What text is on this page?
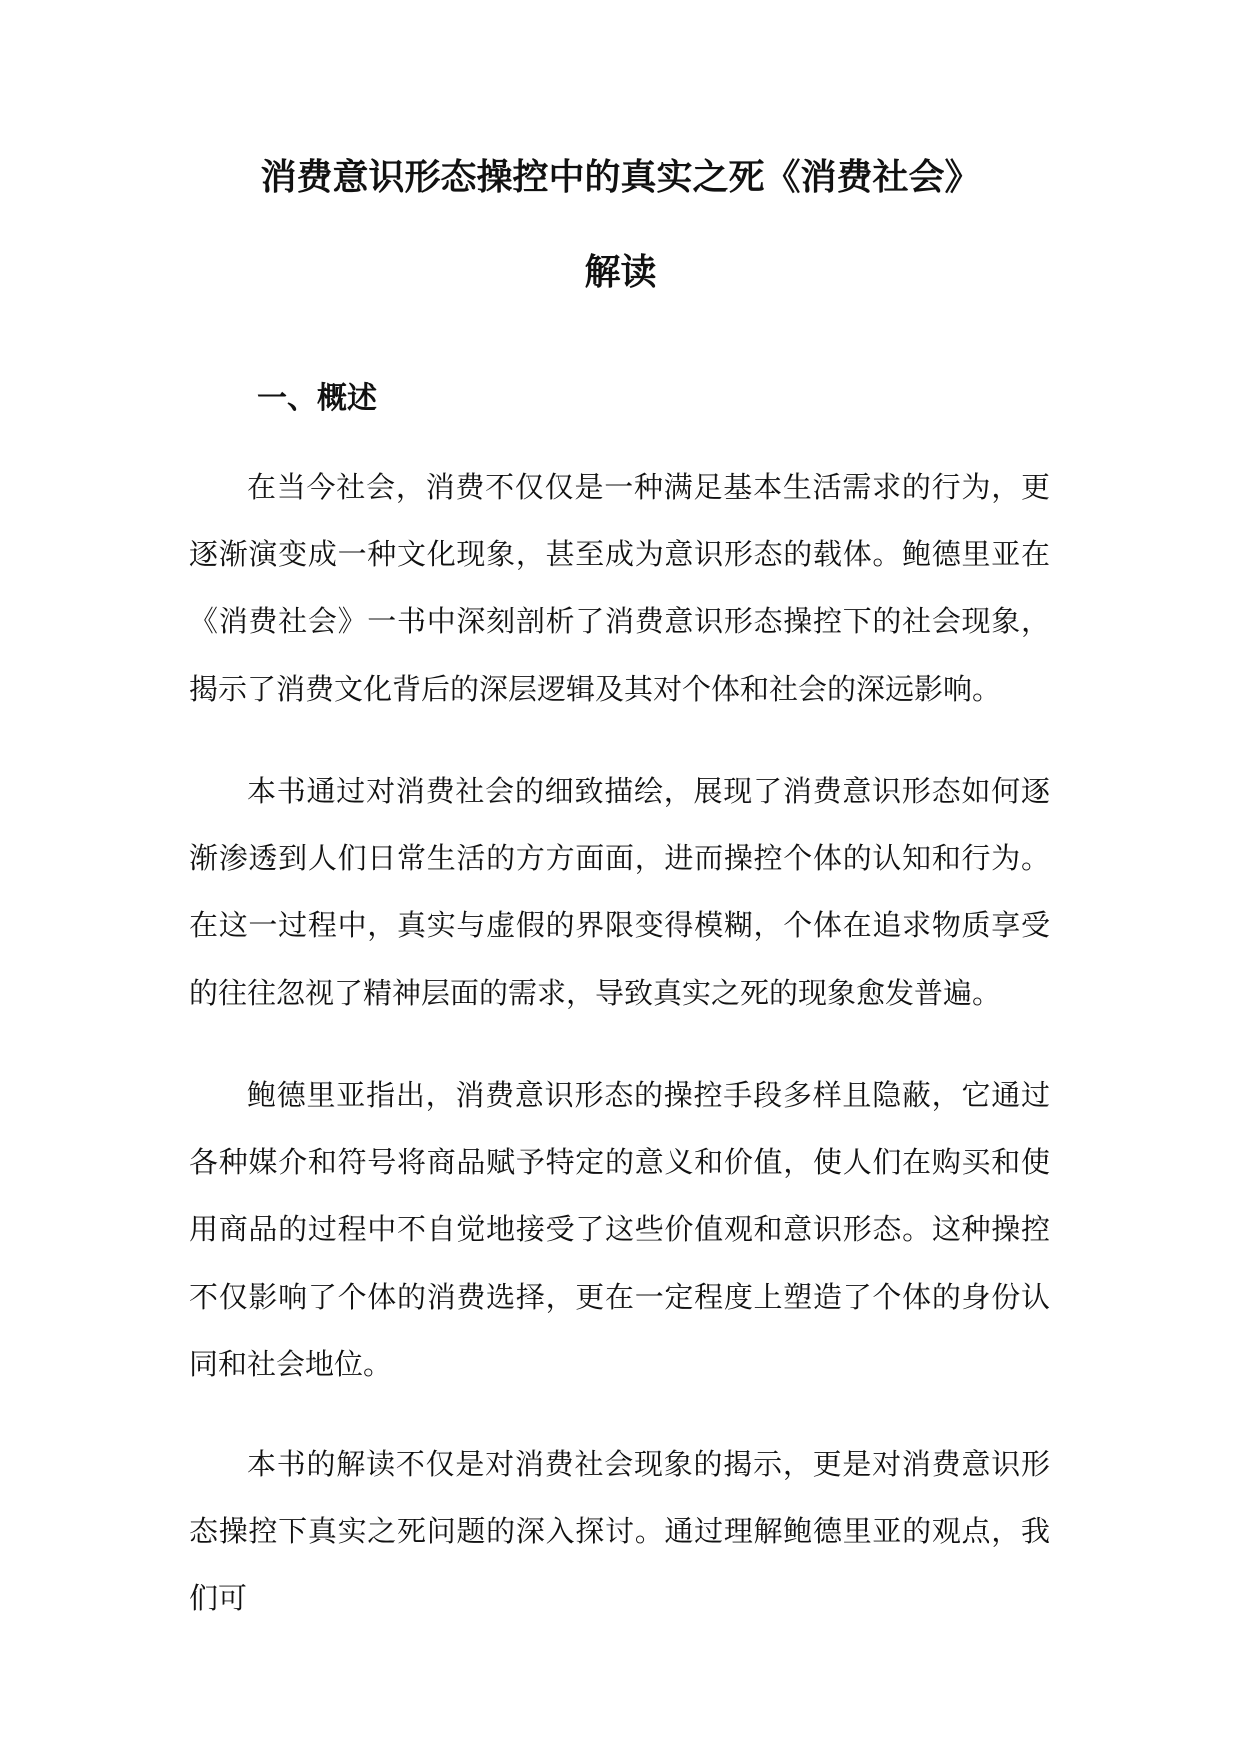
消费意识形态操控中的真实之死《消费社会》
解读
一、概述

在当今社会，消费不仅仅是一种满足基本生活需求的行为，更逐渐演变成一种文化现象，甚至成为意识形态的载体。鲍德里亚在《消费社会》一书中深刻剖析了消费意识形态操控下的社会现象，揭示了消费文化背后的深层逻辑及其对个体和社会的深远影响。

本书通过对消费社会的细致描绘，展现了消费意识形态如何逐渐渗透到人们日常生活的方方面面，进而操控个体的认知和行为。在这一过程中，真实与虚假的界限变得模糊，个体在追求物质享受的往往忽视了精神层面的需求，导致真实之死的现象愈发普遍。

鲍德里亚指出，消费意识形态的操控手段多样且隐蔽，它通过各种媒介和符号将商品赋予特定的意义和价值，使人们在购买和使用商品的过程中不自觉地接受了这些价值观和意识形态。这种操控不仅影响了个体的消费选择，更在一定程度上塑造了个体的身份认同和社会地位。

本书的解读不仅是对消费社会现象的揭示，更是对消费意识形态操控下真实之死问题的深入探讨。通过理解鲍德里亚的观点，我们可
